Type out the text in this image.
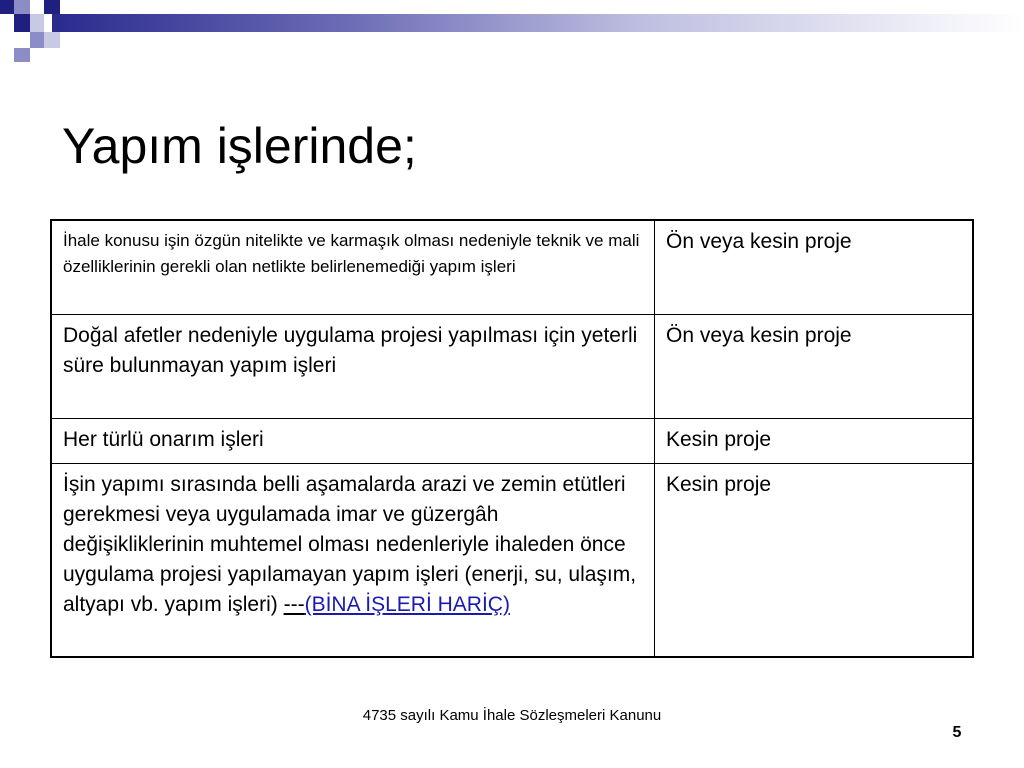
Yapım işlerinde;
İhale konusu işin özgün nitelikte ve karmaşık olması nedeniyle teknik ve mali özelliklerinin gerekli olan netlikte belirlenemediği yapım işleri	Ön veya kesin proje
Doğal afetler nedeniyle uygulama projesi yapılması için yeterli süre bulunmayan yapım işleri	Ön veya kesin proje
Her türlü onarım işleri	Kesin proje
İşin yapımı sırasında belli aşamalarda arazi ve zemin etütleri gerekmesi veya uygulamada imar ve güzergâh değişikliklerinin muhtemel olması nedenleriyle ihaleden önce uygulama projesi yapılamayan yapım işleri (enerji, su, ulaşım, altyapı vb. yapım işleri) ---(BİNA İŞLERİ HARİÇ)	Kesin proje
4735 sayılı Kamu İhale Sözleşmeleri Kanunu
5
